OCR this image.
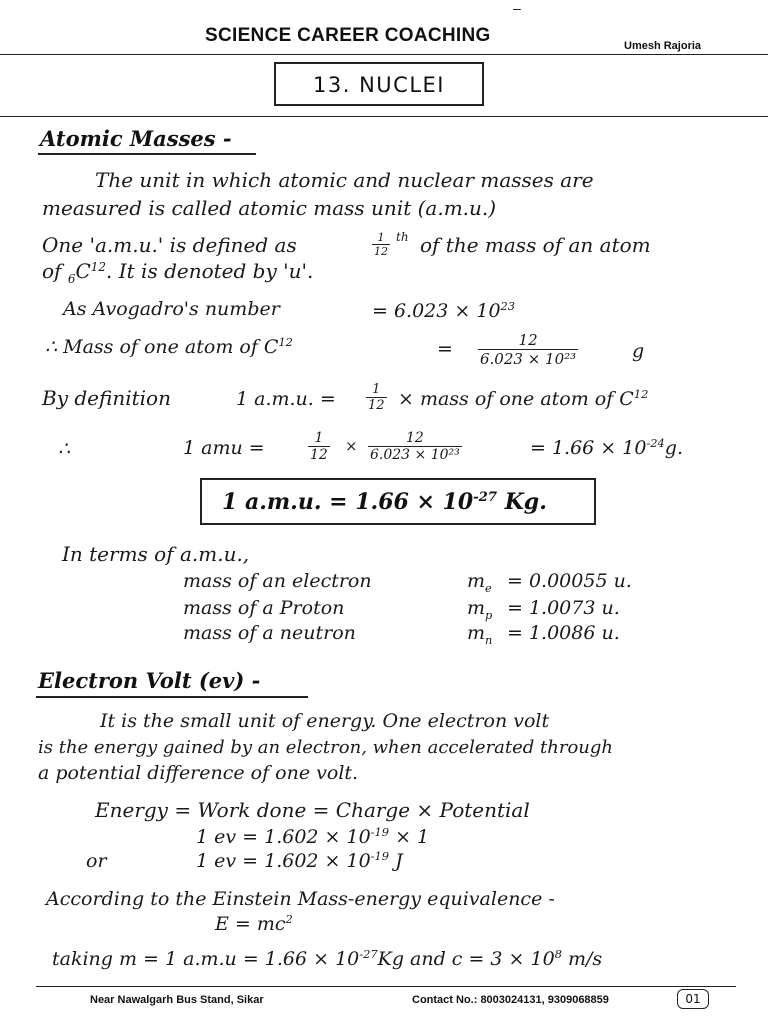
–
SCIENCE CAREER COACHING	Umesh Rajoria
13. NUCLEI
Atomic Masses -
The unit in which atomic and nuclear masses are
measured is called atomic mass unit (a.m.u.)
One 'a.m.u.' is defined as	$\frac{1}{12}$ th of the mass of an atom
of $_6C^{12}$. It is denoted by 'u'.
As Avogadro's number	= $6.023 \times 10^{23}$
∴ Mass of one atom of $C^{12}$	= $\frac{12}{\text{6.023 × 10²³}}$	g
By definition	1 a.m.u. = $\frac{1}{12}$ × mass of one atom of $C^{12}$
∴	1 amu =	$\frac{1}{12} \times \frac{12}{\text{6.023 × 10²³}}$	= $1.66 \times 10^{-24}g$.
1 a.m.u. = $1.66 \times 10^{-27}$ Kg.
In terms of a.m.u.,
mass of an electron	$m_e = 0.00055$ u.
mass of a Proton	$m_p = 1.0073$ u.
mass of a neutron	$m_n = 1.0086$ u.
Electron Volt (ev) -
It is the small unit of energy. One electron volt
is the energy gained by an electron, when accelerated through
a potential difference of one volt.
Energy = Work done = Charge × Potential
1 ev = $1.602 \times 10^{-19} \times 1$
or	1 ev = $1.602 \times 10^{-19}$ J
According to the Einstein Mass-energy equivalence -
$E = mc^2$
taking m = 1 $a.m.u = 1.66 \times 10^{-27}Kg$ and $c = 3 \times 10^8$ m/s
Near Nawalgarh Bus Stand, Sikar	Contact No.: 8003024131, 9309068859	01
